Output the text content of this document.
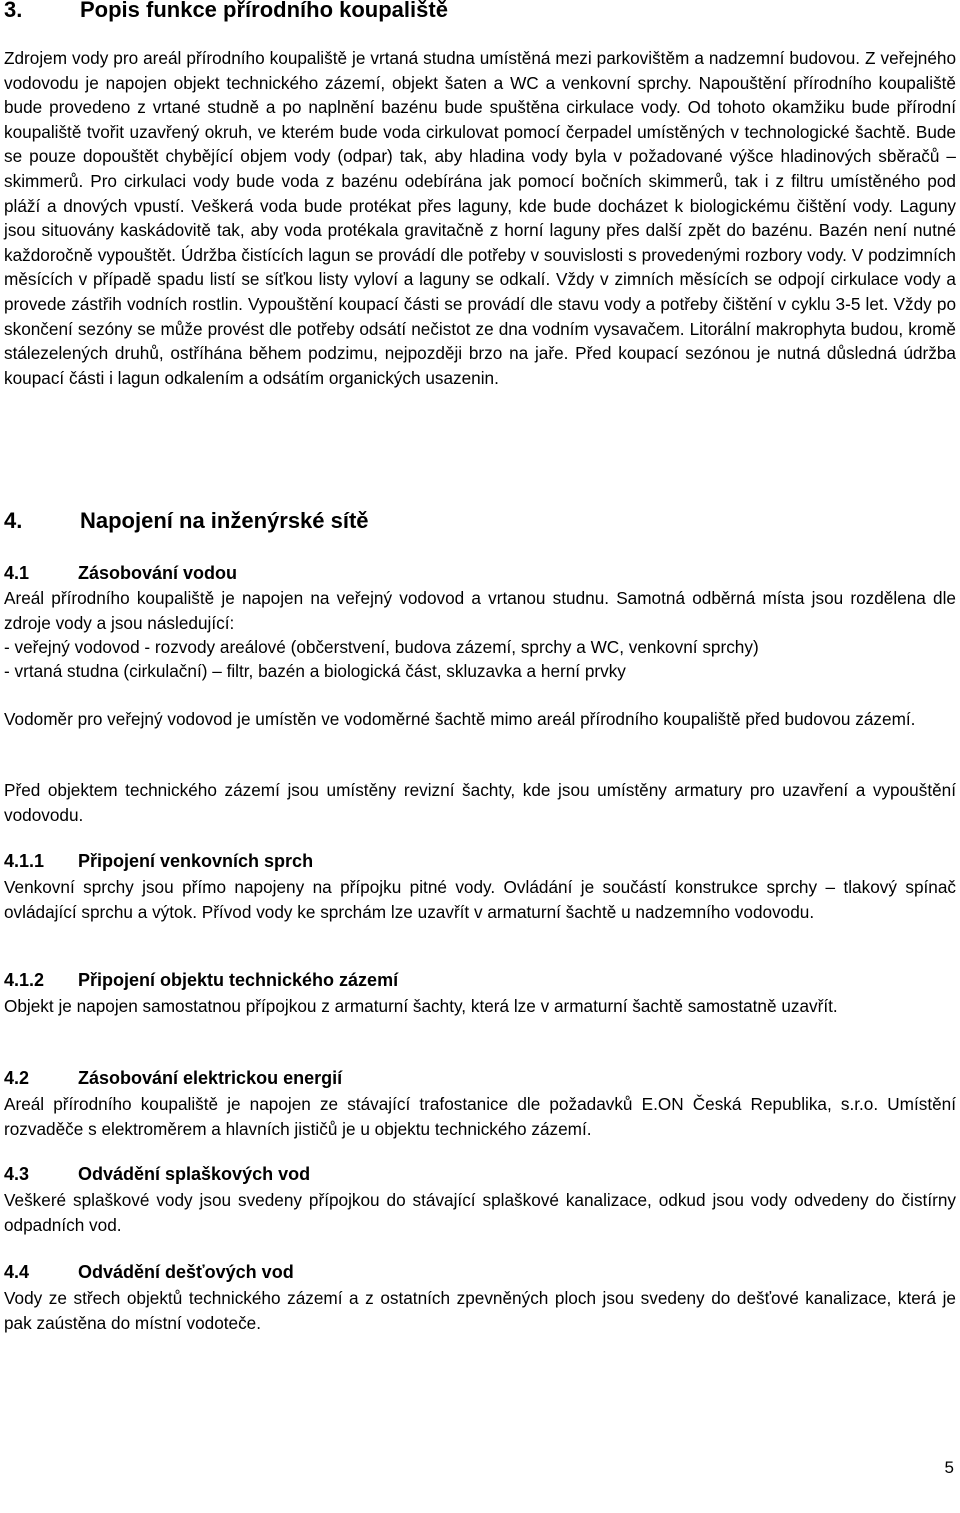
3.	Popis funkce přírodního koupaliště

Zdrojem vody pro areál přírodního koupaliště je vrtaná studna umístěná mezi parkovištěm a nadzemní budovou. Z veřejného vodovodu je napojen objekt technického zázemí, objekt šaten a WC a venkovní sprchy. Napouštění přírodního koupaliště bude provedeno z vrtané studně a po naplnění bazénu bude spuštěna cirkulace vody. Od tohoto okamžiku bude přírodní koupaliště tvořit uzavřený okruh, ve kterém bude voda cirkulovat pomocí čerpadel umístěných v technologické šachtě. Bude se pouze dopouštět chybějící objem vody (odpar) tak, aby hladina vody byla v požadované výšce hladinových sběračů – skimmerů. Pro cirkulaci vody bude voda z bazénu odebírána jak pomocí bočních skimmerů, tak i z filtru umístěného pod pláží a dnových vpustí. Veškerá voda bude protékat přes laguny, kde bude docházet k biologickému čištění vody. Laguny jsou situovány kaskádovitě tak, aby voda protékala gravitačně z horní laguny přes další zpět do bazénu. Bazén není nutné každoročně vypouštět. Údržba čistících lagun se provádí dle potřeby v souvislosti s provedenými rozbory vody. V podzimních měsících v případě spadu listí se síťkou listy vyloví a laguny se odkalí. Vždy v zimních měsících se odpojí cirkulace vody a provede zástřih vodních rostlin. Vypouštění koupací části se provádí dle stavu vody a potřeby čištění v cyklu 3-5 let. Vždy po skončení sezóny se může provést dle potřeby odsátí nečistot ze dna vodním vysavačem. Litorální makrophyta budou, kromě stálezelených druhů, ostříhána během podzimu, nejpozději brzo na jaře. Před koupací sezónou je nutná důsledná údržba koupací části i lagun odkalením a odsátím organických usazenin.

4.	Napojení na inženýrské sítě
4.1	Zásobování vodou

Areál přírodního koupaliště je napojen na veřejný vodovod a vrtanou studnu. Samotná odběrná místa jsou rozdělena dle zdroje vody a jsou následující:

- veřejný vodovod - rozvody areálové (občerstvení, budova zázemí, sprchy a WC, venkovní sprchy)

- vrtaná studna (cirkulační) – filtr, bazén a biologická část, skluzavka a herní prvky

Vodoměr pro veřejný vodovod je umístěn ve vodoměrné šachtě mimo areál přírodního koupaliště před budovou zázemí.

Před objektem technického zázemí jsou umístěny revizní šachty, kde jsou umístěny armatury pro uzavření a vypouštění vodovodu.

4.1.1 Připojení venkovních sprch

Venkovní sprchy jsou přímo napojeny na přípojku pitné vody. Ovládání je součástí konstrukce sprchy – tlakový spínač ovládající sprchu a výtok. Přívod vody ke sprchám lze uzavřít v armaturní šachtě u nadzemního vodovodu.

4.1.2 Připojení objektu technického zázemí

Objekt je napojen samostatnou přípojkou z armaturní šachty, která lze v armaturní šachtě samostatně uzavřít.

4.2	Zásobování elektrickou energií

Areál přírodního koupaliště je napojen ze stávající trafostanice dle požadavků E.ON Česká Republika, s.r.o. Umístění rozvaděče s elektroměrem a hlavních jističů je u objektu technického zázemí.

4.3	Odvádění splaškových vod

Veškeré splaškové vody jsou svedeny přípojkou do stávající splaškové kanalizace, odkud jsou vody odvedeny do čistírny odpadních vod.

4.4	Odvádění dešťových vod

Vody ze střech objektů technického zázemí a z ostatních zpevněných ploch jsou svedeny do dešťové kanalizace, která je pak zaústěna do místní vodoteče.

5
